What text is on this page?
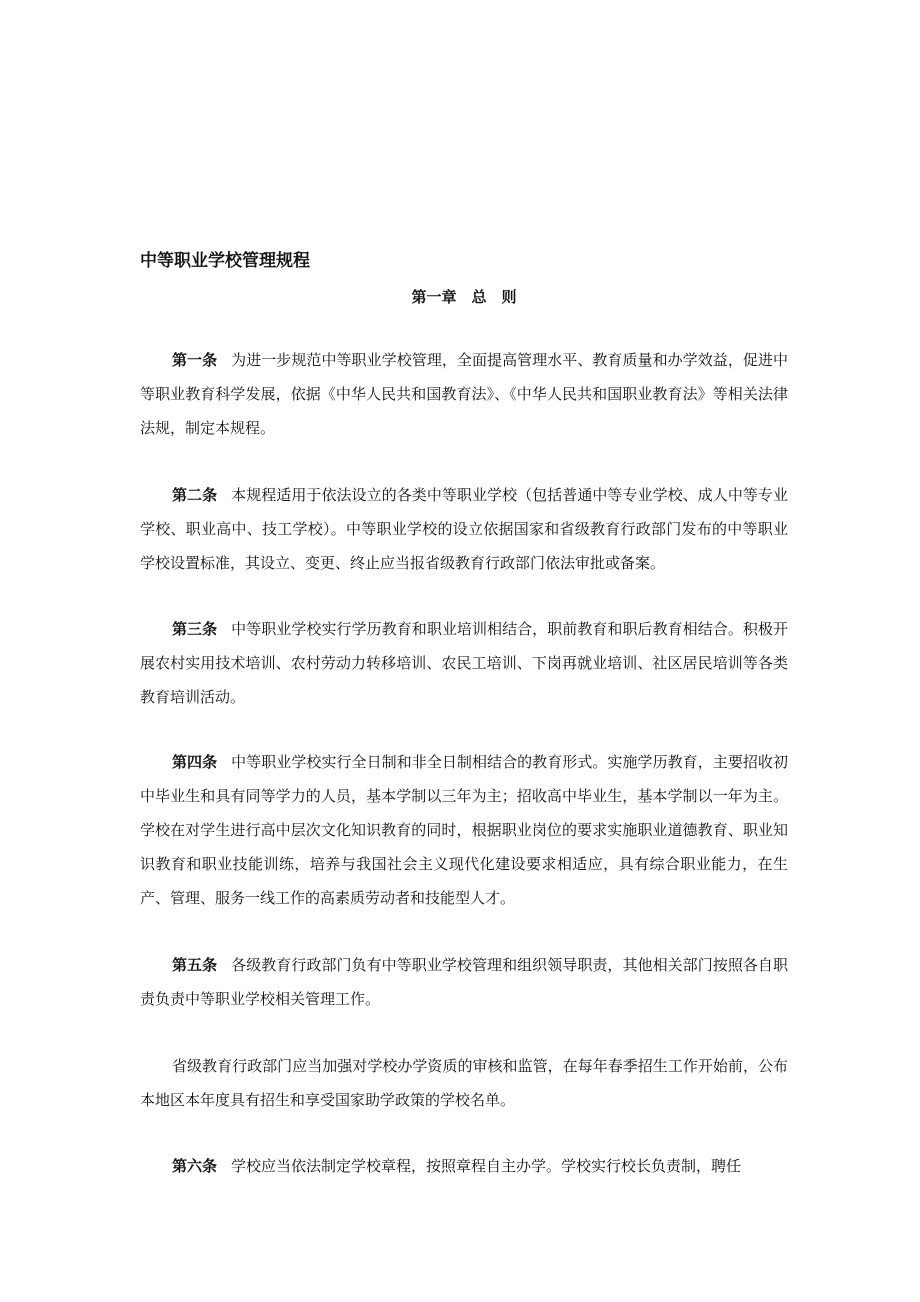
中等职业学校管理规程
第一章　总　则

第一条 为进一步规范中等职业学校管理，全面提高管理水平、教育质量和办学效益，促进中等职业教育科学发展，依据《中华人民共和国教育法》、《中华人民共和国职业教育法》等相关法律法规，制定本规程。

第二条 本规程适用于依法设立的各类中等职业学校（包括普通中等专业学校、成人中等专业学校、职业高中、技工学校）。中等职业学校的设立依据国家和省级教育行政部门发布的中等职业学校设置标准，其设立、变更、终止应当报省级教育行政部门依法审批或备案。

第三条 中等职业学校实行学历教育和职业培训相结合，职前教育和职后教育相结合。积极开展农村实用技术培训、农村劳动力转移培训、农民工培训、下岗再就业培训、社区居民培训等各类教育培训活动。

第四条 中等职业学校实行全日制和非全日制相结合的教育形式。实施学历教育，主要招收初中毕业生和具有同等学力的人员，基本学制以三年为主；招收高中毕业生，基本学制以一年为主。学校在对学生进行高中层次文化知识教育的同时，根据职业岗位的要求实施职业道德教育、职业知识教育和职业技能训练，培养与我国社会主义现代化建设要求相适应，具有综合职业能力，在生产、管理、服务一线工作的高素质劳动者和技能型人才。

第五条 各级教育行政部门负有中等职业学校管理和组织领导职责，其他相关部门按照各自职责负责中等职业学校相关管理工作。

省级教育行政部门应当加强对学校办学资质的审核和监管，在每年春季招生工作开始前，公布本地区本年度具有招生和享受国家助学政策的学校名单。

第六条 学校应当依法制定学校章程，按照章程自主办学。学校实行校长负责制，聘任
